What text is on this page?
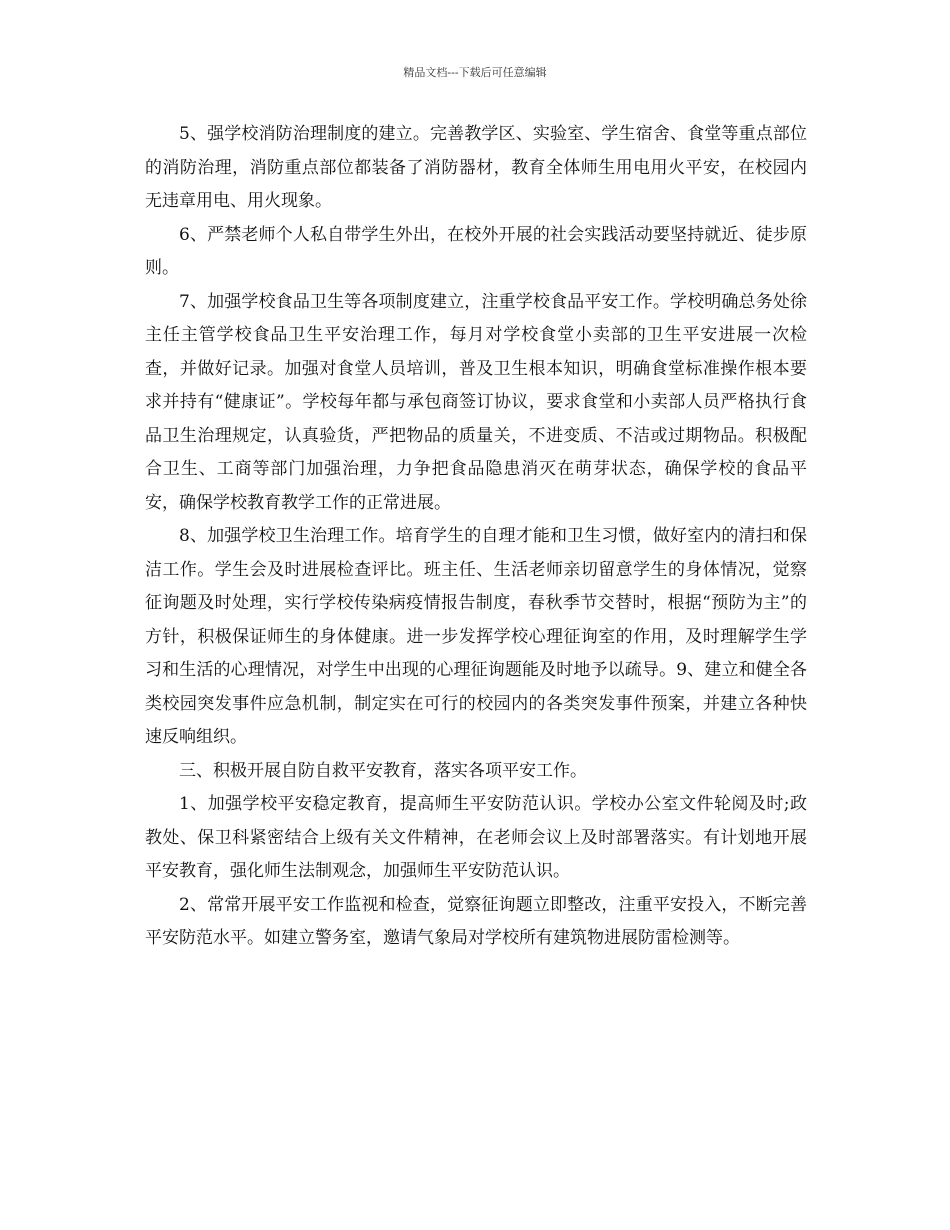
精品文档---下载后可任意编辑

5、强学校消防治理制度的建立。完善教学区、实验室、学生宿舍、食堂等重点部位的消防治理，消防重点部位都装备了消防器材，教育全体师生用电用火平安，在校园内无违章用电、用火现象。

6、严禁老师个人私自带学生外出，在校外开展的社会实践活动要坚持就近、徒步原则。

7、加强学校食品卫生等各项制度建立，注重学校食品平安工作。学校明确总务处徐主任主管学校食品卫生平安治理工作，每月对学校食堂小卖部的卫生平安进展一次检查，并做好记录。加强对食堂人员培训，普及卫生根本知识，明确食堂标准操作根本要求并持有“健康证”。学校每年都与承包商签订协议，要求食堂和小卖部人员严格执行食品卫生治理规定，认真验货，严把物品的质量关，不进变质、不洁或过期物品。积极配合卫生、工商等部门加强治理，力争把食品隐患消灭在萌芽状态，确保学校的食品平安，确保学校教育教学工作的正常进展。

8、加强学校卫生治理工作。培育学生的自理才能和卫生习惯，做好室内的清扫和保洁工作。学生会及时进展检查评比。班主任、生活老师亲切留意学生的身体情况，觉察征询题及时处理，实行学校传染病疫情报告制度，春秋季节交替时，根据“预防为主”的方针，积极保证师生的身体健康。进一步发挥学校心理征询室的作用，及时理解学生学习和生活的心理情况，对学生中出现的心理征询题能及时地予以疏导。9、建立和健全各类校园突发事件应急机制，制定实在可行的校园内的各类突发事件预案，并建立各种快速反响组织。

三、积极开展自防自救平安教育，落实各项平安工作。

1、加强学校平安稳定教育，提高师生平安防范认识。学校办公室文件轮阅及时;政教处、保卫科紧密结合上级有关文件精神，在老师会议上及时部署落实。有计划地开展平安教育，强化师生法制观念，加强师生平安防范认识。

2、常常开展平安工作监视和检查，觉察征询题立即整改，注重平安投入，不断完善平安防范水平。如建立警务室，邀请气象局对学校所有建筑物进展防雷检测等。
